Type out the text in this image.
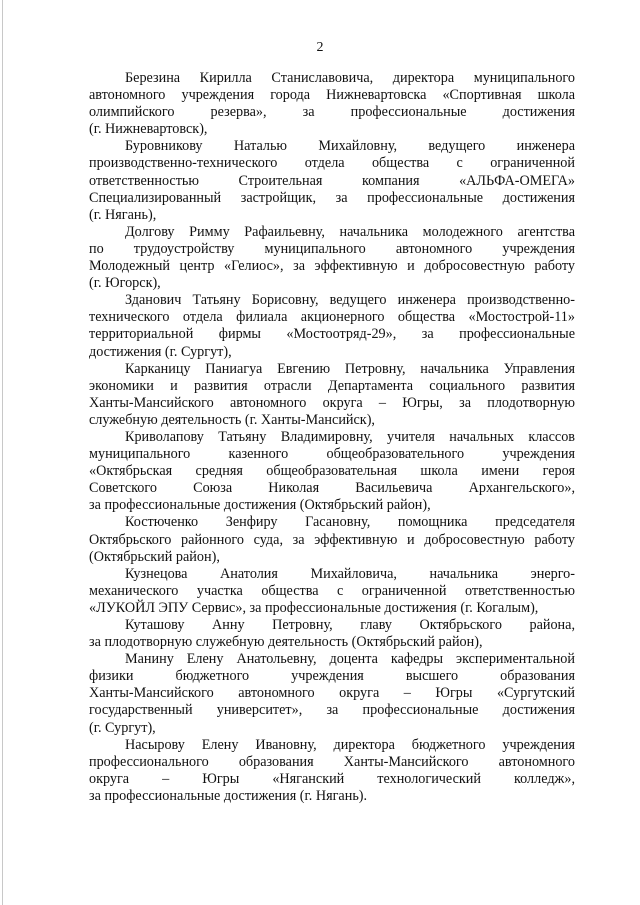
2

Березина Кирилла Станиславовича, директора муниципального
автономного учреждения города Нижневартовска «Спортивная школа
олимпийского резерва», за профессиональные достижения
(г. Нижневартовск),

Буровникову Наталью Михайловну, ведущего инженера
производственно-технического отдела общества с ограниченной
ответственностью Строительная компания «АЛЬФА-ОМЕГА»
Специализированный застройщик, за профессиональные достижения
(г. Нягань),

Долгову Римму Рафаильевну, начальника молодежного агентства
по трудоустройству муниципального автономного учреждения
Молодежный центр «Гелиос», за эффективную и добросовестную работу
(г. Югорск),

Зданович Татьяну Борисовну, ведущего инженера производственно-
технического отдела филиала акционерного общества «Мостострой-11»
территориальной фирмы «Мостоотряд-29», за профессиональные
достижения (г. Сургут),

Карканицу Паниагуа Евгению Петровну, начальника Управления
экономики и развития отрасли Департамента социального развития
Ханты-Мансийского автономного округа – Югры, за плодотворную
служебную деятельность (г. Ханты-Мансийск),

Криволапову Татьяну Владимировну, учителя начальных классов
муниципального казенного общеобразовательного учреждения
«Октябрьская средняя общеобразовательная школа имени героя
Советского Союза Николая Васильевича Архангельского»,
за профессиональные достижения (Октябрьский район),

Костюченко Зенфиру Гасановну, помощника председателя
Октябрьского районного суда, за эффективную и добросовестную работу
(Октябрьский район),

Кузнецова Анатолия Михайловича, начальника энерго-
механического участка общества с ограниченной ответственностью
«ЛУКОЙЛ ЭПУ Сервис», за профессиональные достижения (г. Когалым),

Куташову Анну Петровну, главу Октябрьского района,
за плодотворную служебную деятельность (Октябрьский район),

Манину Елену Анатольевну, доцента кафедры экспериментальной
физики бюджетного учреждения высшего образования
Ханты-Мансийского автономного округа – Югры «Сургутский
государственный университет», за профессиональные достижения
(г. Сургут),

Насырову Елену Ивановну, директора бюджетного учреждения
профессионального образования Ханты-Мансийского автономного
округа – Югры «Няганский технологический колледж»,
за профессиональные достижения (г. Нягань).
